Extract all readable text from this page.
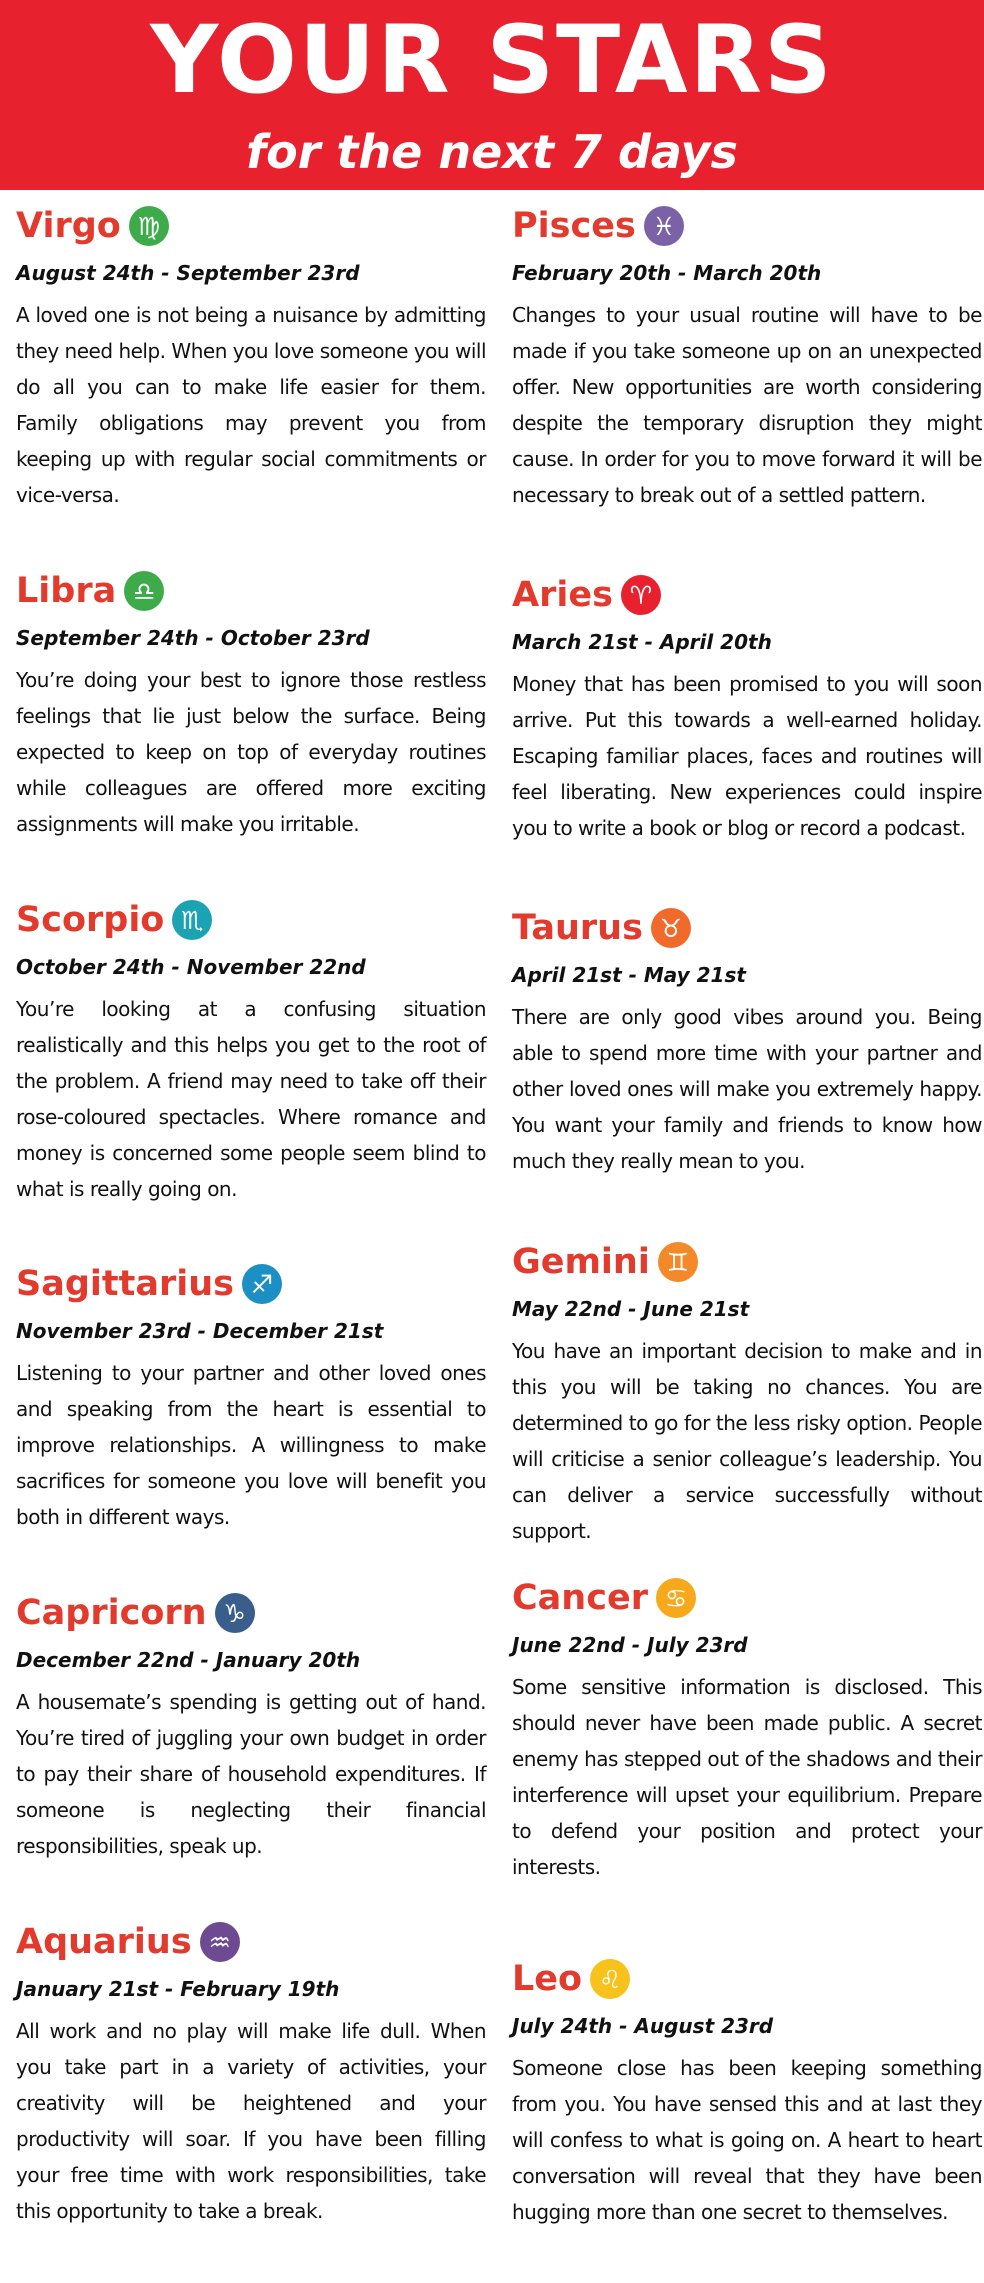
YOUR STARS
for the next 7 days
Virgo ♍
August 24th - September 23rd
A loved one is not being a nuisance by admitting they need help. When you love someone you will do all you can to make life easier for them. Family obligations may prevent you from keeping up with regular social commitments or vice-versa.
Libra ♎
September 24th - October 23rd
You’re doing your best to ignore those restless feelings that lie just below the surface. Being expected to keep on top of everyday routines while colleagues are offered more exciting assignments will make you irritable.
Scorpio ♏
October 24th - November 22nd
You’re looking at a confusing situation realistically and this helps you get to the root of the problem. A friend may need to take off their rose-coloured spectacles. Where romance and money is concerned some people seem blind to what is really going on.
Sagittarius ♐
November 23rd - December 21st
Listening to your partner and other loved ones and speaking from the heart is essential to improve relationships. A willingness to make sacrifices for someone you love will benefit you both in different ways.
Capricorn ♑
December 22nd - January 20th
A housemate’s spending is getting out of hand. You’re tired of juggling your own budget in order to pay their share of household expenditures. If someone is neglecting their financial responsibilities, speak up.
Aquarius ♒
January 21st - February 19th
All work and no play will make life dull. When you take part in a variety of activities, your creativity will be heightened and your productivity will soar. If you have been filling your free time with work responsibilities, take this opportunity to take a break.
Pisces ♓
February 20th - March 20th
Changes to your usual routine will have to be made if you take someone up on an unexpected offer. New opportunities are worth considering despite the temporary disruption they might cause. In order for you to move forward it will be necessary to break out of a settled pattern.
Aries ♈
March 21st - April 20th
Money that has been promised to you will soon arrive. Put this towards a well-earned holiday. Escaping familiar places, faces and routines will feel liberating. New experiences could inspire you to write a book or blog or record a podcast.
Taurus ♉
April 21st - May 21st
There are only good vibes around you. Being able to spend more time with your partner and other loved ones will make you extremely happy. You want your family and friends to know how much they really mean to you.
Gemini ♊
May 22nd - June 21st
You have an important decision to make and in this you will be taking no chances. You are determined to go for the less risky option. People will criticise a senior colleague’s leadership. You can deliver a service successfully without support.
Cancer ♋
June 22nd - July 23rd
Some sensitive information is disclosed. This should never have been made public. A secret enemy has stepped out of the shadows and their interference will upset your equilibrium. Prepare to defend your position and protect your interests.
Leo ♌
July 24th - August 23rd
Someone close has been keeping something from you. You have sensed this and at last they will confess to what is going on. A heart to heart conversation will reveal that they have been hugging more than one secret to themselves.
